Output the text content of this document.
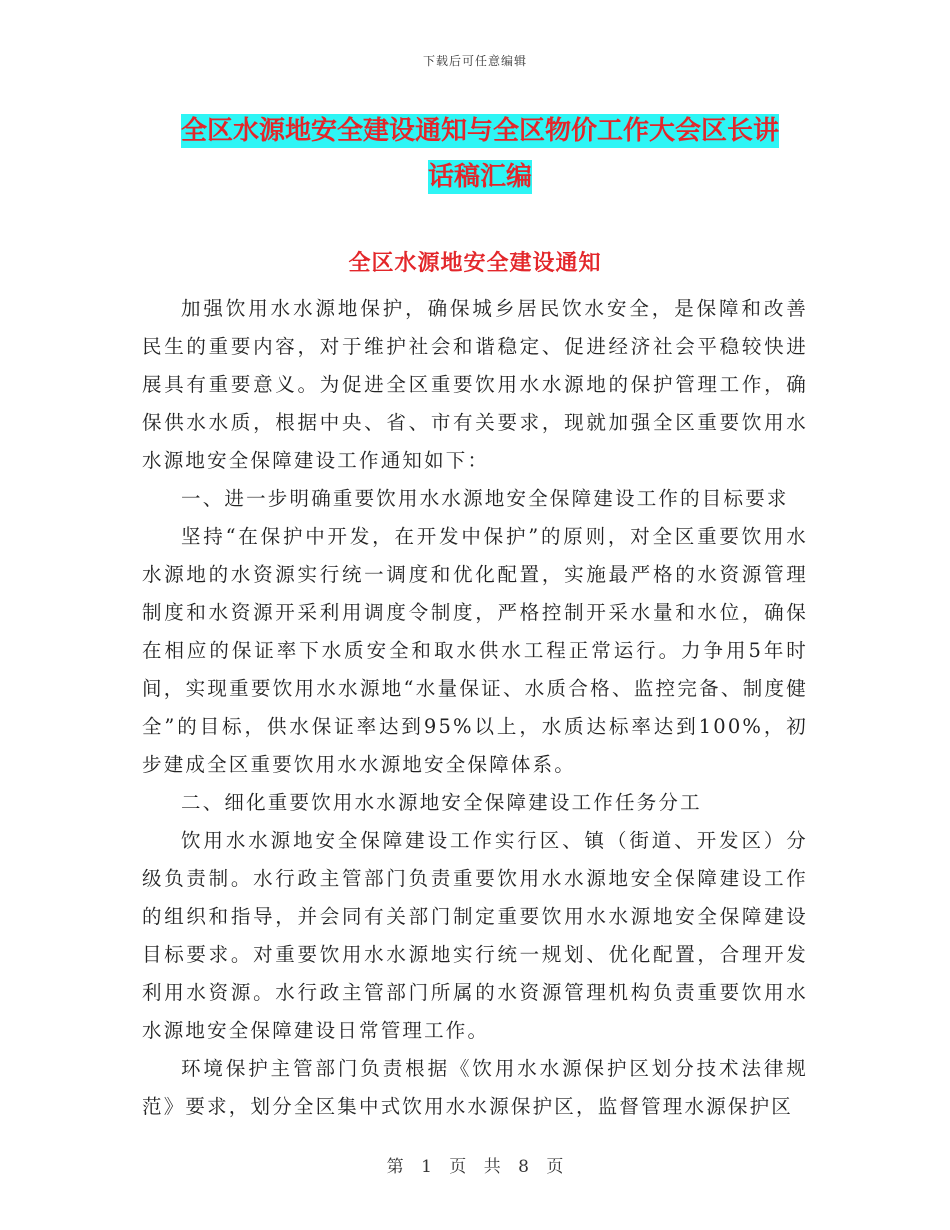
下载后可任意编辑
全区水源地安全建设通知与全区物价工作大会区长讲
话稿汇编
全区水源地安全建设通知

加强饮用水水源地保护，确保城乡居民饮水安全，是保障和改善民生的重要内容，对于维护社会和谐稳定、促进经济社会平稳较快进展具有重要意义。为促进全区重要饮用水水源地的保护管理工作，确保供水水质，根据中央、省、市有关要求，现就加强全区重要饮用水水源地安全保障建设工作通知如下：

一、进一步明确重要饮用水水源地安全保障建设工作的目标要求

坚持“在保护中开发，在开发中保护”的原则，对全区重要饮用水水源地的水资源实行统一调度和优化配置，实施最严格的水资源管理制度和水资源开采利用调度令制度，严格控制开采水量和水位，确保在相应的保证率下水质安全和取水供水工程正常运行。力争用5年时间，实现重要饮用水水源地“水量保证、水质合格、监控完备、制度健全”的目标，供水保证率达到95%以上，水质达标率达到100%，初步建成全区重要饮用水水源地安全保障体系。

二、细化重要饮用水水源地安全保障建设工作任务分工

饮用水水源地安全保障建设工作实行区、镇（街道、开发区）分级负责制。水行政主管部门负责重要饮用水水源地安全保障建设工作的组织和指导，并会同有关部门制定重要饮用水水源地安全保障建设目标要求。对重要饮用水水源地实行统一规划、优化配置，合理开发利用水资源。水行政主管部门所属的水资源管理机构负责重要饮用水水源地安全保障建设日常管理工作。

环境保护主管部门负责根据《饮用水水源保护区划分技术法律规范》要求，划分全区集中式饮用水水源保护区，监督管理水源保护区

第 1 页 共 8 页
